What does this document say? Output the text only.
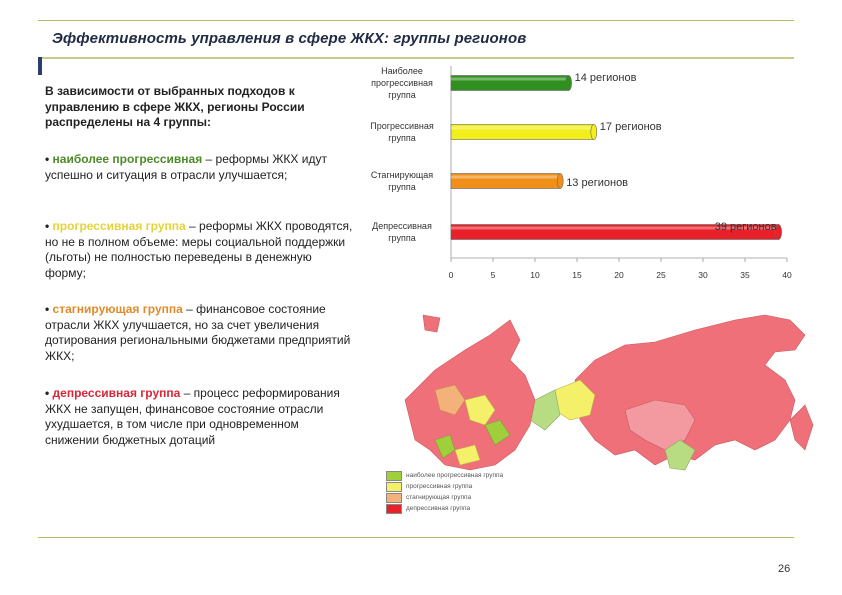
Эффективность управления в сфере ЖКХ: группы регионов
В зависимости от выбранных подходов к управлению в сфере ЖКХ, регионы России распределены на 4 группы:
• наиболее прогрессивная – реформы ЖКХ идут успешно и ситуация в отрасли улучшается;
• прогрессивная группа – реформы ЖКХ проводятся, но не в полном объеме: меры социальной поддержки (льготы) не полностью переведены в денежную форму;
• стагнирующая группа – финансовое состояние отрасли ЖКХ улучшается, но за счет увеличения дотирования региональными бюджетами предприятий ЖКХ;
• депрессивная группа – процесс реформирования ЖКХ не запущен, финансовое состояние отрасли ухудшается, в том числе при одновременном снижении бюджетных дотаций
Наиболее
прогрессивная
группа
14 регионов
Прогрессивная
группа
17 регионов
Стагнирующая
группа	13 регионов
Депрессивная
группа
39 регионов
0	5	10	15	20	25	30	35	40
наиболее прогрессивная группа
прогрессивная группа
стагнирующая группа
депрессивная группа
26
